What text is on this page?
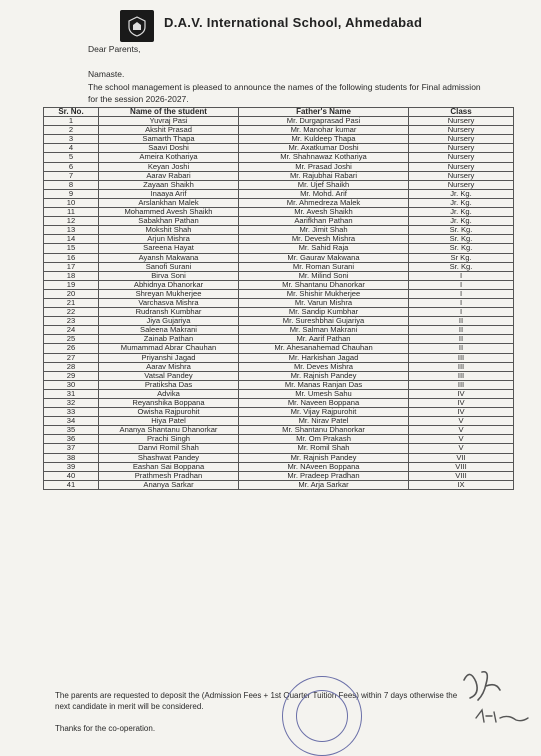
D.A.V. International School, Ahmedabad
Dear Parents,
Namaste.
The school management is pleased to announce the names of the following students for Final admission for the session 2026-2027.
Sr. No.	Name of the student	Father's Name	Class
1	Yuvraj Pasi	Mr. Durgaprasad Pasi	Nursery
2	Akshit Prasad	Mr. Manohar kumar	Nursery
3	Samarth Thapa	Mr. Kuldeep Thapa	Nursery
4	Saavi Doshi	Mr. Axatkumar Doshi	Nursery
5	Ameira Kothariya	Mr. Shahnawaz Kothariya	Nursery
6	Keyan Joshi	Mr. Prasad Joshi	Nursery
7	Aarav Rabari	Mr. Rajubhai Rabari	Nursery
8	Zayaan Shaikh	Mr. Ujef Shaikh	Nursery
9	Inaaya Arif	Mr. Mohd. Arif	Jr. Kg.
10	Arslankhan Malek	Mr. Ahmedreza Malek	Jr. Kg.
11	Mohammed Avesh Shaikh	Mr. Avesh Shaikh	Jr. Kg.
12	Sabakhan Pathan	Aarifkhan Pathan	Jr. Kg.
13	Mokshit Shah	Mr. Jimit Shah	Sr. Kg.
14	Arjun Mishra	Mr. Devesh Mishra	Sr. Kg.
15	Sareena Hayat	Mr. Sahid Raja	Sr. Kg.
16	Ayansh Makwana	Mr. Gaurav Makwana	Sr Kg.
17	Sanofi Surani	Mr. Roman Surani	Sr. Kg.
18	Birva Soni	Mr. Milind Soni	I
19	Abhidnya Dhanorkar	Mr. Shantanu Dhanorkar	I
20	Shreyan Mukherjee	Mr. Shishir Mukherjee	I
21	Varchasva Mishra	Mr. Varun Mishra	I
22	Rudransh Kumbhar	Mr. Sandip Kumbhar	I
23	Jiya Gujariya	Mr. Sureshbhai Gujariya	II
24	Saleena Makrani	Mr. Salman Makrani	II
25	Zainab Pathan	Mr. Aarif Pathan	II
26	Mumammad Abrar Chauhan	Mr. Ahesanahemad Chauhan	II
27	Priyanshi Jagad	Mr. Harkishan Jagad	III
28	Aarav Mishra	Mr. Deves Mishra	III
29	Vatsal Pandey	Mr. Rajnish Pandey	III
30	Pratiksha Das	Mr. Manas Ranjan Das	III
31	Advika	Mr. Umesh Sahu	IV
32	Reyanshika Boppana	Mr. Naveen Boppana	IV
33	Owisha Rajpurohit	Mr. Vijay Rajpurohit	IV
34	Hiya Patel	Mr. Nirav Patel	V
35	Ananya Shantanu Dhanorkar	Mr. Shantanu Dhanorkar	V
36	Prachi Singh	Mr. Om Prakash	V
37	Danvi Romil Shah	Mr. Romil Shah	V
38	Shashwat Pandey	Mr. Rajnish Pandey	VII
39	Eashan Sai Boppana	Mr. NAveen Boppana	VIII
40	Prathmesh Pradhan	Mr. Pradeep Pradhan	VIII
41	Ananya Sarkar	Mr. Arja Sarkar	IX
The parents are requested to deposit the (Admission Fees + 1st Quarter Tuition Fees) within 7 days otherwise the next candidate in merit will be considered.
Thanks for the co-operation.
